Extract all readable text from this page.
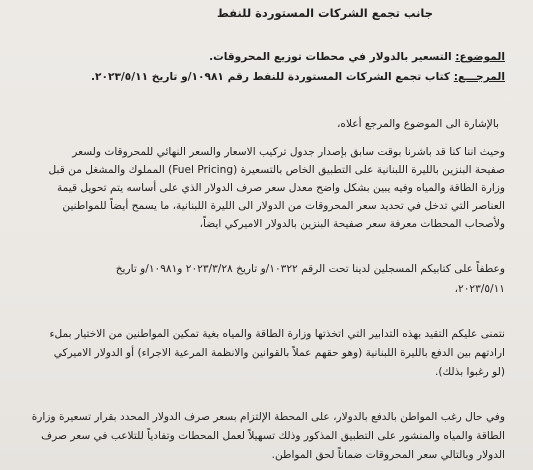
جانب تجمع الشركات المستوردة للنفط
الموضوع: التسعير بالدولار في محطات توزيع المحروقات.
المرجـــع: كتاب تجمع الشركات المستوردة للنفط رقم ١٠٩٨١/و تاريخ ٢٠٢٣/٥/١١.
بالإشارة الى الموضوع والمرجع أعلاه،
وحيث اننا كنا قد باشرنا بوقت سابق بإصدار جدول تركيب الاسعار والسعر النهائي للمحروقات ولسعر
صفيحة البنزين بالليرة اللبنانية على التطبيق الخاص بالتسعيرة (Fuel Pricing) المملوك والمشغل من قبل
وزارة الطاقة والمياه وفيه يبين بشكل واضح معدل سعر صرف الدولار الذي على أساسه يتم تحويل قيمة
العناصر التي تدخل في تحديد سعر المحروقات من الدولار الى الليرة اللبنانية، ما يسمح أيضاً للمواطنين
ولأصحاب المحطات معرفة سعر صفيحة البنزين بالدولار الاميركي ايضاً،
وعطفاً على كتابيكم المسجلين لدينا تحت الرقم ١٠٣٢٢/و تاريخ ٢٠٢٣/٣/٢٨ و١٠٩٨١/و تاريخ
٢٠٢٣/٥/١١،
نتمنى عليكم التقيد بهذه التدابير التي اتخذتها وزارة الطاقة والمياه بغية تمكين المواطنين من الاختيار بملء
ارادتهم بين الدفع بالليرة اللبنانية (وهو حقهم عملاً بالقوانين والانظمة المرعية الاجراء) أو الدولار الاميركي
(لو رغبوا بذلك).
وفي حال رغب المواطن بالدفع بالدولار، على المحطة الإلتزام بسعر صرف الدولار المحدد بقرار تسعيرة وزارة
الطاقة والمياه والمنشور على التطبيق المذكور وذلك تسهيلاً لعمل المحطات وتفادياً للتلاعب في سعر صرف
الدولار وبالتالي سعر المحروقات ضماناً لحق المواطن.
